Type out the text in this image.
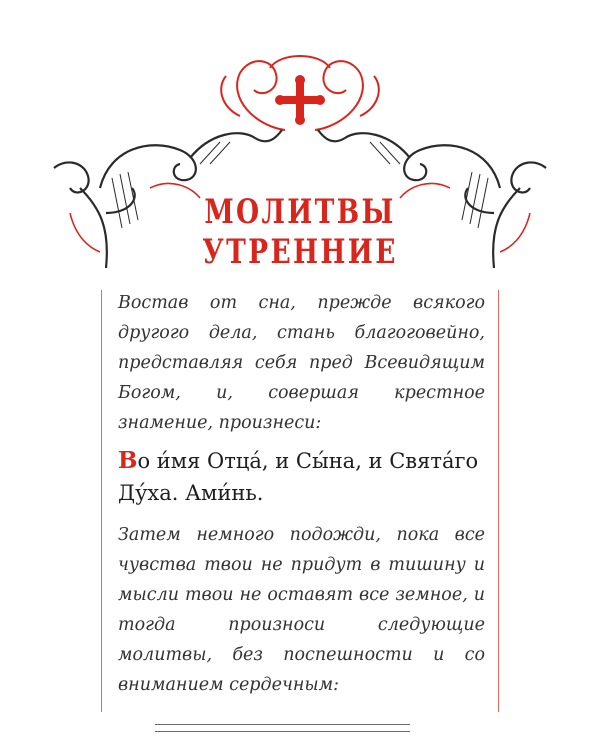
МОЛИТВЫ УТРЕННИЕ
Востав от сна, прежде всякого другого дела, стань благоговейно, представляя себя пред Всевидящим Богом, и, совершая крестное знамение, произнеси:
Во и́мя Отца́, и Сы́на, и Свята́го Ду́ха. Ами́нь.
Затем немного подожди, пока все чувства твои не придут в тишину и мысли твои не оставят все земное, и тогда произноси следующие молитвы, без поспешности и со вниманием сердечным:
